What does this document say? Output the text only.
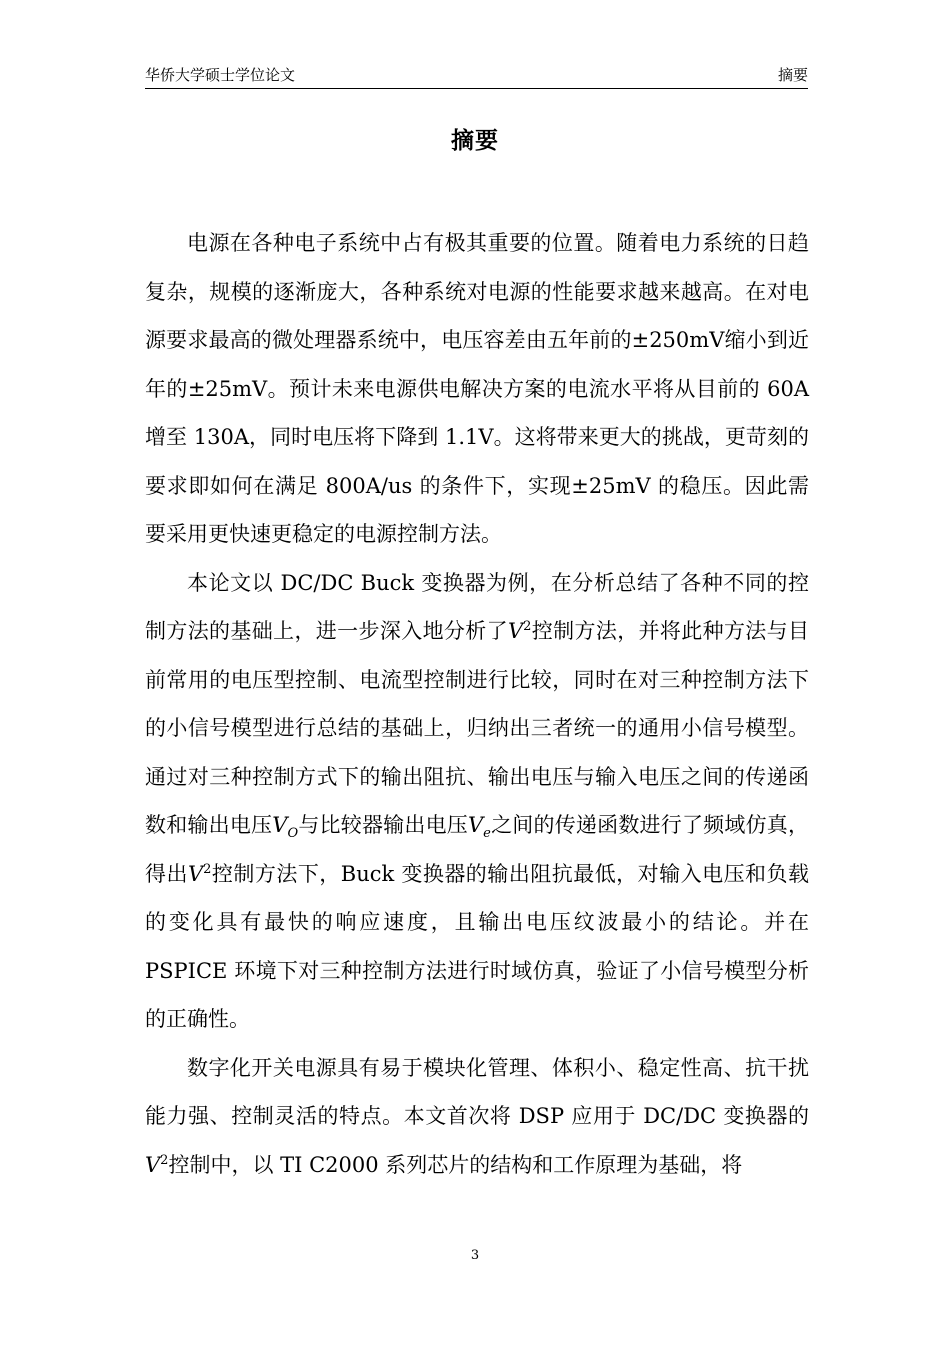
华侨大学硕士学位论文	摘要
摘要

电源在各种电子系统中占有极其重要的位置。随着电力系统的日趋复杂，规模的逐渐庞大，各种系统对电源的性能要求越来越高。在对电源要求最高的微处理器系统中，电压容差由五年前的±250mV缩小到近年的±25mV。预计未来电源供电解决方案的电流水平将从目前的 60A 增至 130A，同时电压将下降到 1.1V。这将带来更大的挑战，更苛刻的要求即如何在满足 800A/us 的条件下，实现±25mV 的稳压。因此需要采用更快速更稳定的电源控制方法。

本论文以 DC/DC Buck 变换器为例，在分析总结了各种不同的控制方法的基础上，进一步深入地分析了$V^2$控制方法，并将此种方法与目前常用的电压型控制、电流型控制进行比较，同时在对三种控制方法下的小信号模型进行总结的基础上，归纳出三者统一的通用小信号模型。通过对三种控制方式下的输出阻抗、输出电压与输入电压之间的传递函数和输出电压$V_O$与比较器输出电压$V_e$之间的传递函数进行了频域仿真，得出$V^2$控制方法下，Buck 变换器的输出阻抗最低，对输入电压和负载的变化具有最快的响应速度，且输出电压纹波最小的结论。并在 PSPICE 环境下对三种控制方法进行时域仿真，验证了小信号模型分析的正确性。

数字化开关电源具有易于模块化管理、体积小、稳定性高、抗干扰能力强、控制灵活的特点。本文首次将 DSP 应用于 DC/DC 变换器的$V^2$控制中，以 TI C2000 系列芯片的结构和工作原理为基础，将

3
